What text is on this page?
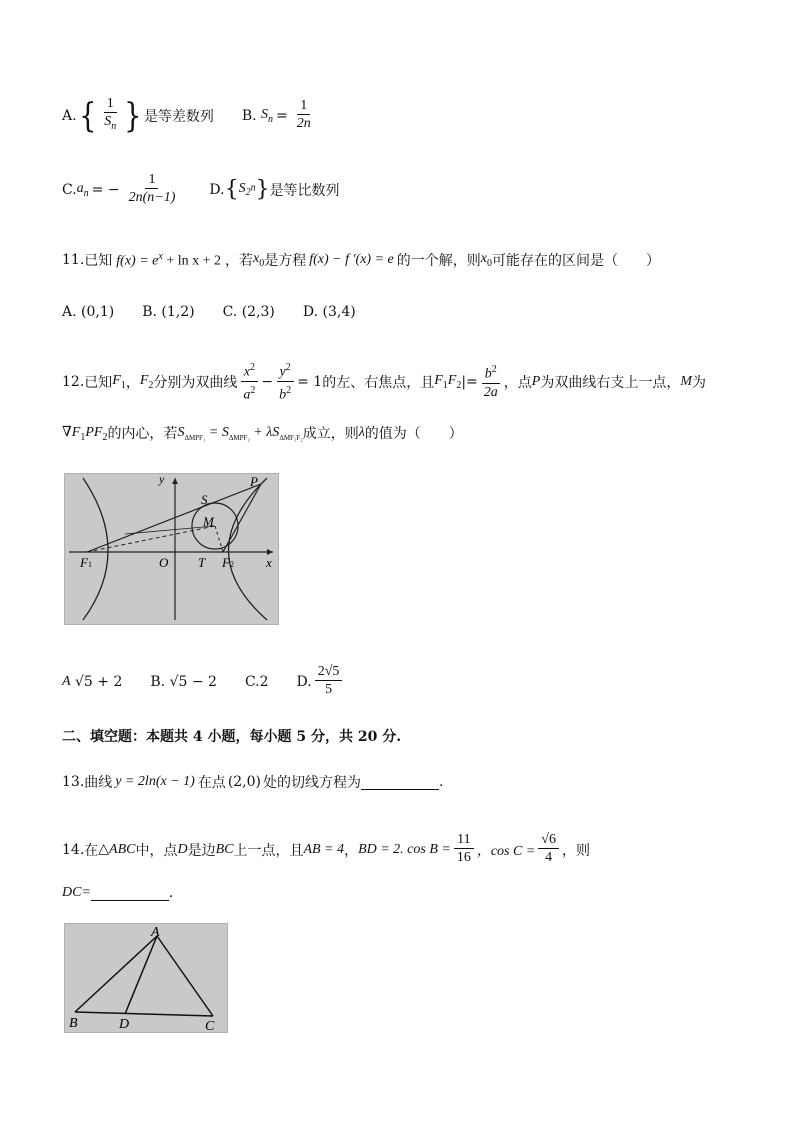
A. { $\frac{1}{S_n}$ } 是等差数列 B.
$S_n = \frac{1}{2n}$
C. $a_n$ = − $\frac{1}{2n(n-1)} D$. { $S_{2^n}$ } 是等比数列
11. 已知 $f(x) = e^x + \ln x + 2$ ，若 $x_0$ 是方程 f(x) − f ′(x) = e 的一个解，则 $x_0$ 可能存在的区间是（　　）
A. (0,1) B. (1,2) C. (2,3) D. (3,4)
12. 已知 $F_1$ ， $F_2$ 分别为双曲线 $\frac{x^2}{a^2} - \frac{y^2}{b^2} = 1$ 的左、右焦点，且 $F_1F_2$ |= $\frac{b^2}{2a}$ ，点 P 为双曲线右支上一点， M 为
$\nabla F_1PF_2$ 的内心，若 $S_{\Delta MPF_1} = S_{\Delta MPF_2} + \lambda S_{\Delta MF_1F_2}$ 成立，则 λ 的值为（　　）
y
x
S
P
M
F1	O T F2
A
√5 + 2 B. √5 − 2 C.2 D. $\frac{2√5}{5}$
二、填空题：本题共 4 小题，每小题 5 分，共 20 分.
13. 曲线 y = 2ln(x − 1) 在点 (2,0) 处的切线方程为	.
14. 在 △ABC 中，点 D 是边 BC 上一点，且 AB = 4 ， BD = 2 . $\cos B = \frac{11}{16}$ ，$\cos C = \frac{√6}{4}$ ，则
DC=	.
A
B	D	C
